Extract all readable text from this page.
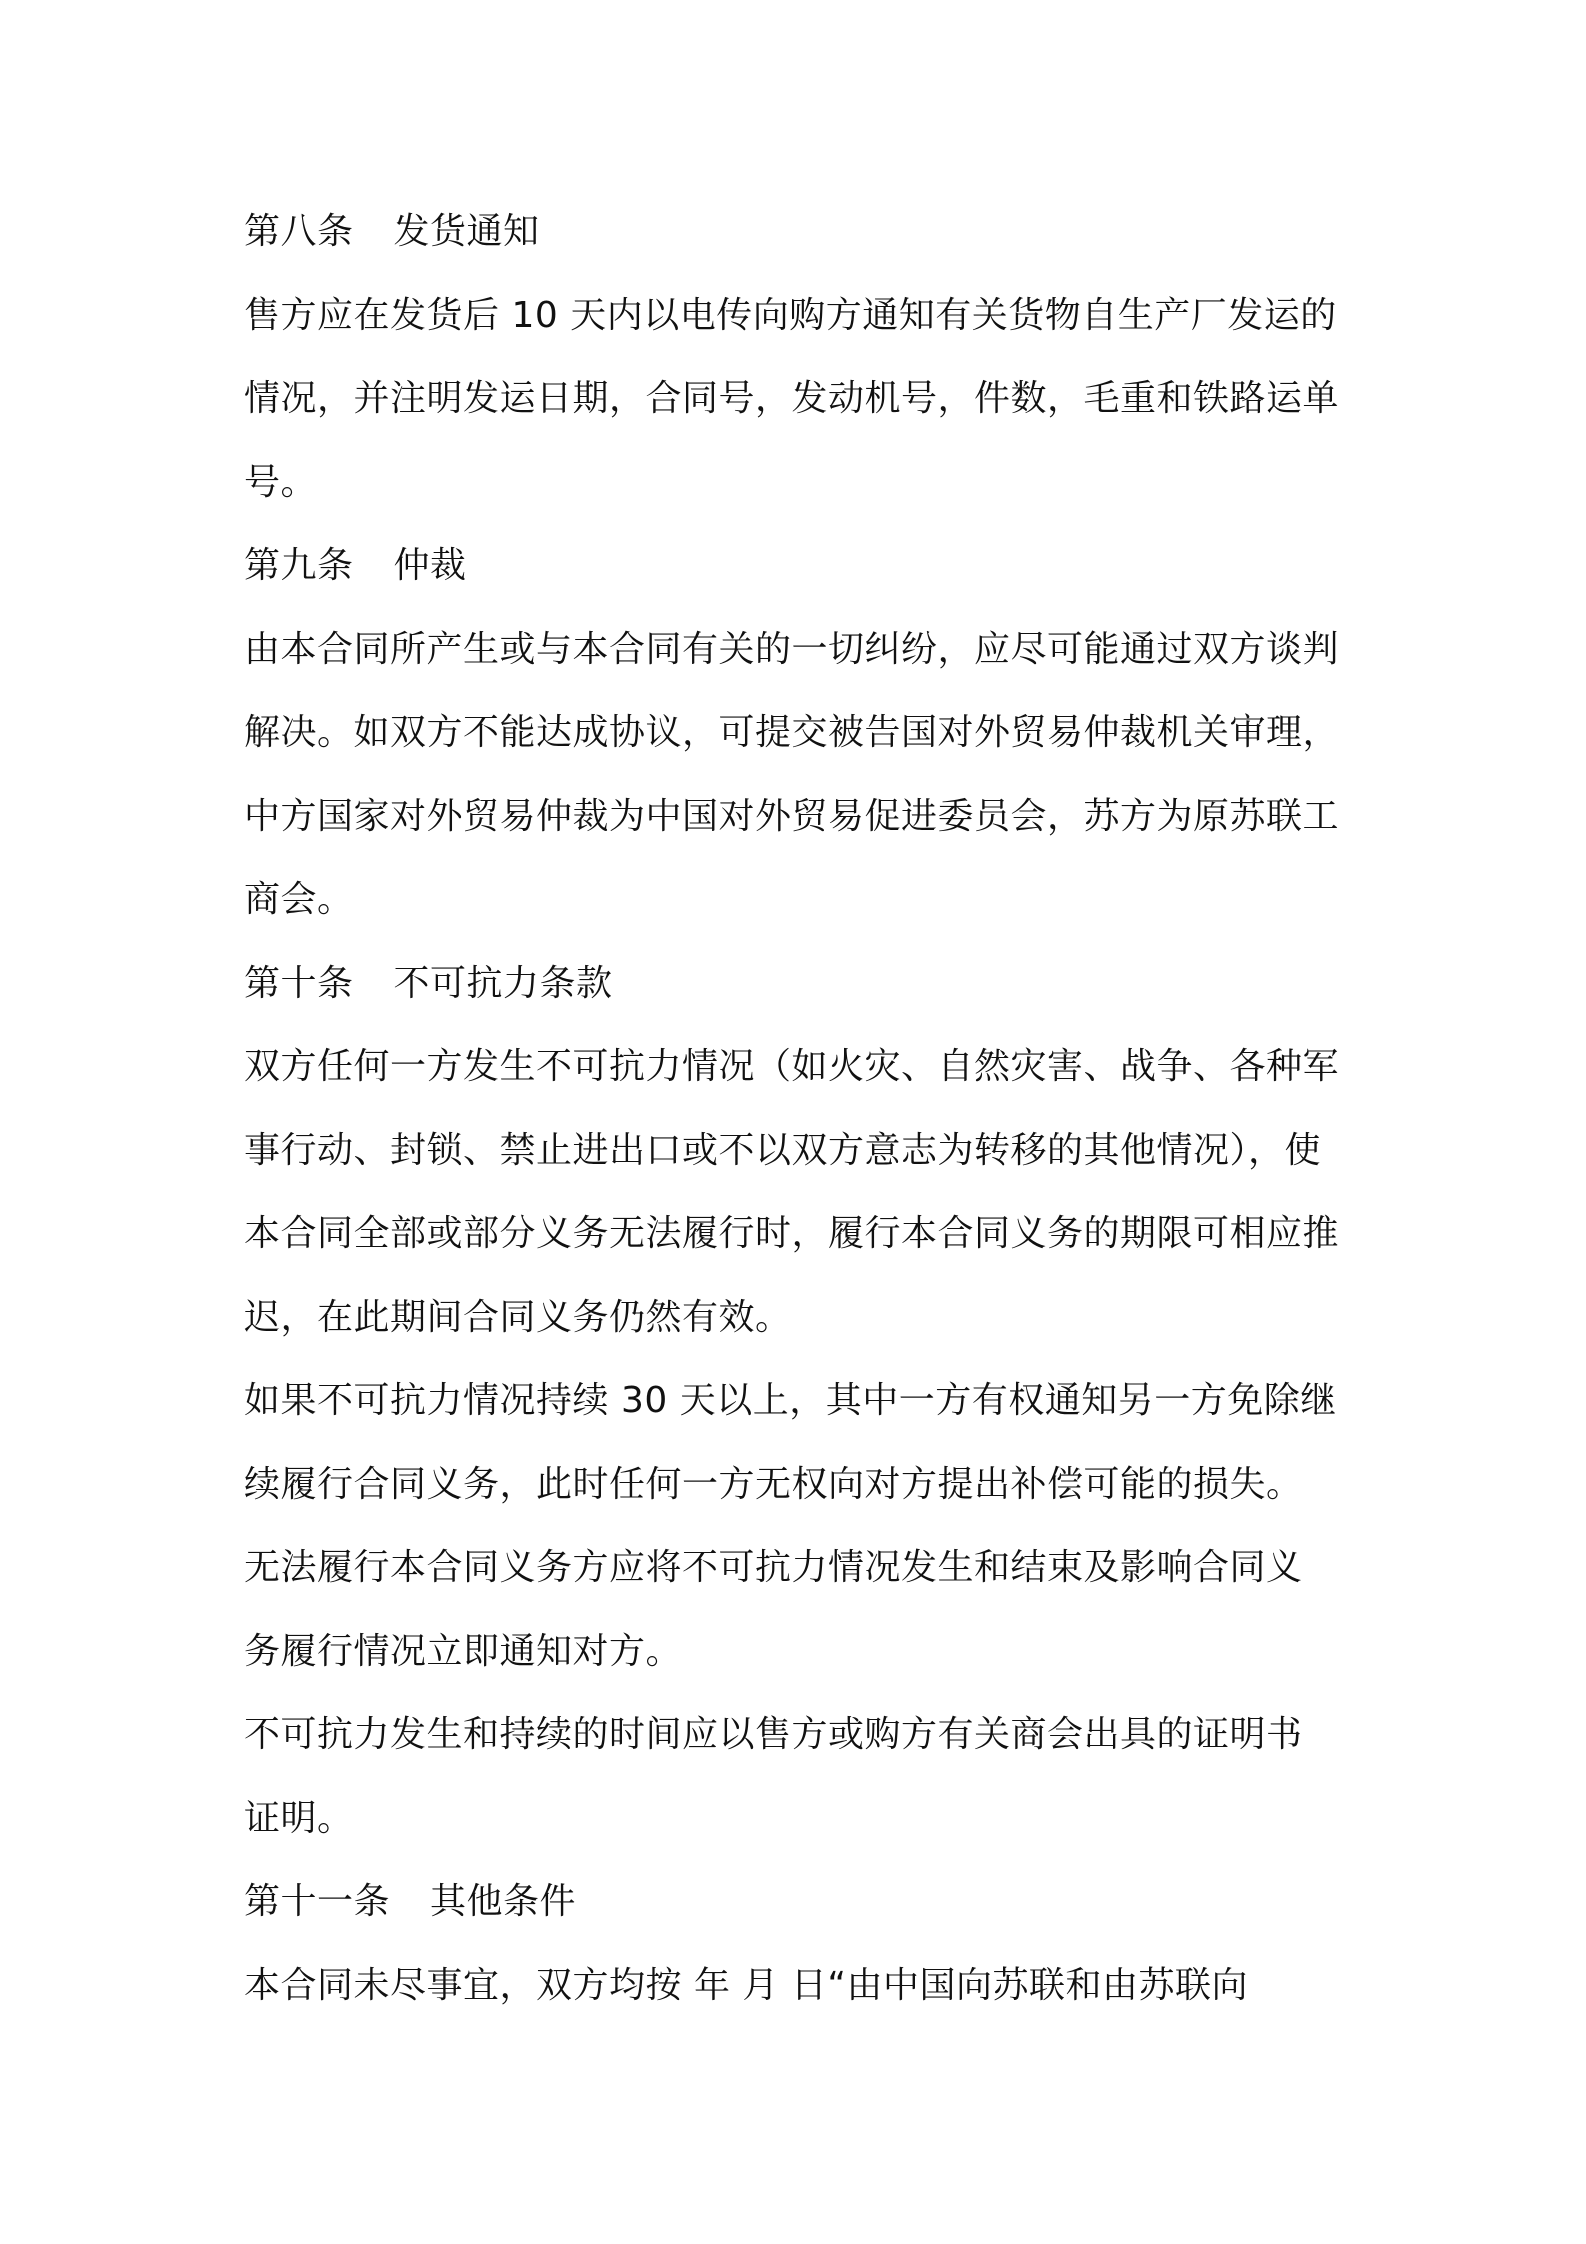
第八条 发货通知
售方应在发货后 10 天内以电传向购方通知有关货物自生产厂发运的
情况，并注明发运日期，合同号，发动机号，件数，毛重和铁路运单
号。
第九条 仲裁
由本合同所产生或与本合同有关的一切纠纷，应尽可能通过双方谈判
解决。如双方不能达成协议，可提交被告国对外贸易仲裁机关审理，
中方国家对外贸易仲裁为中国对外贸易促进委员会，苏方为原苏联工
商会。
第十条 不可抗力条款
双方任何一方发生不可抗力情况（如火灾、自然灾害、战争、各种军
事行动、封锁、禁止进出口或不以双方意志为转移的其他情况），使
本合同全部或部分义务无法履行时，履行本合同义务的期限可相应推
迟，在此期间合同义务仍然有效。
如果不可抗力情况持续 30 天以上，其中一方有权通知另一方免除继
续履行合同义务，此时任何一方无权向对方提出补偿可能的损失。
无法履行本合同义务方应将不可抗力情况发生和结束及影响合同义
务履行情况立即通知对方。
不可抗力发生和持续的时间应以售方或购方有关商会出具的证明书
证明。
第十一条 其他条件
本合同未尽事宜，双方均按 年 月 日“由中国向苏联和由苏联向
